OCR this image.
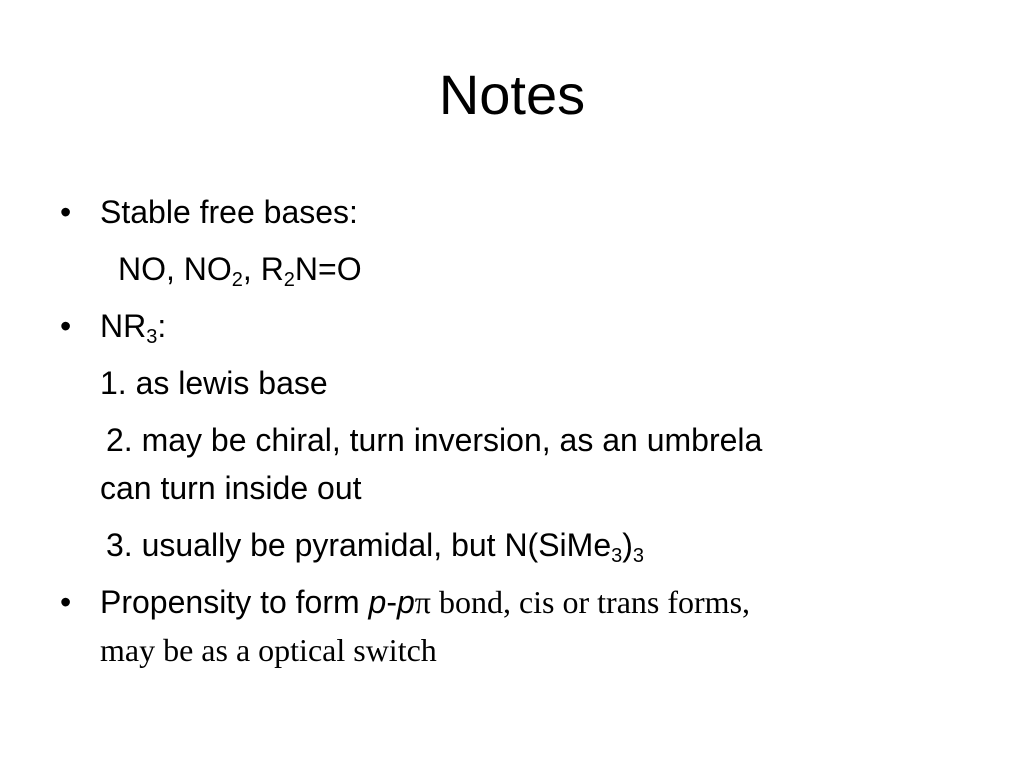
Notes
• Stable free bases:
NO, $NO_2$, $R_2N=O$
• $NR_3$:
1. as lewis base
2. may be chiral, turn inversion, as an umbrela
can turn inside out
3. usually be pyramidal, but $N(SiMe_3)_3$
• Propensity to form p-pπ bond, cis or trans forms,
may be as a optical switch
